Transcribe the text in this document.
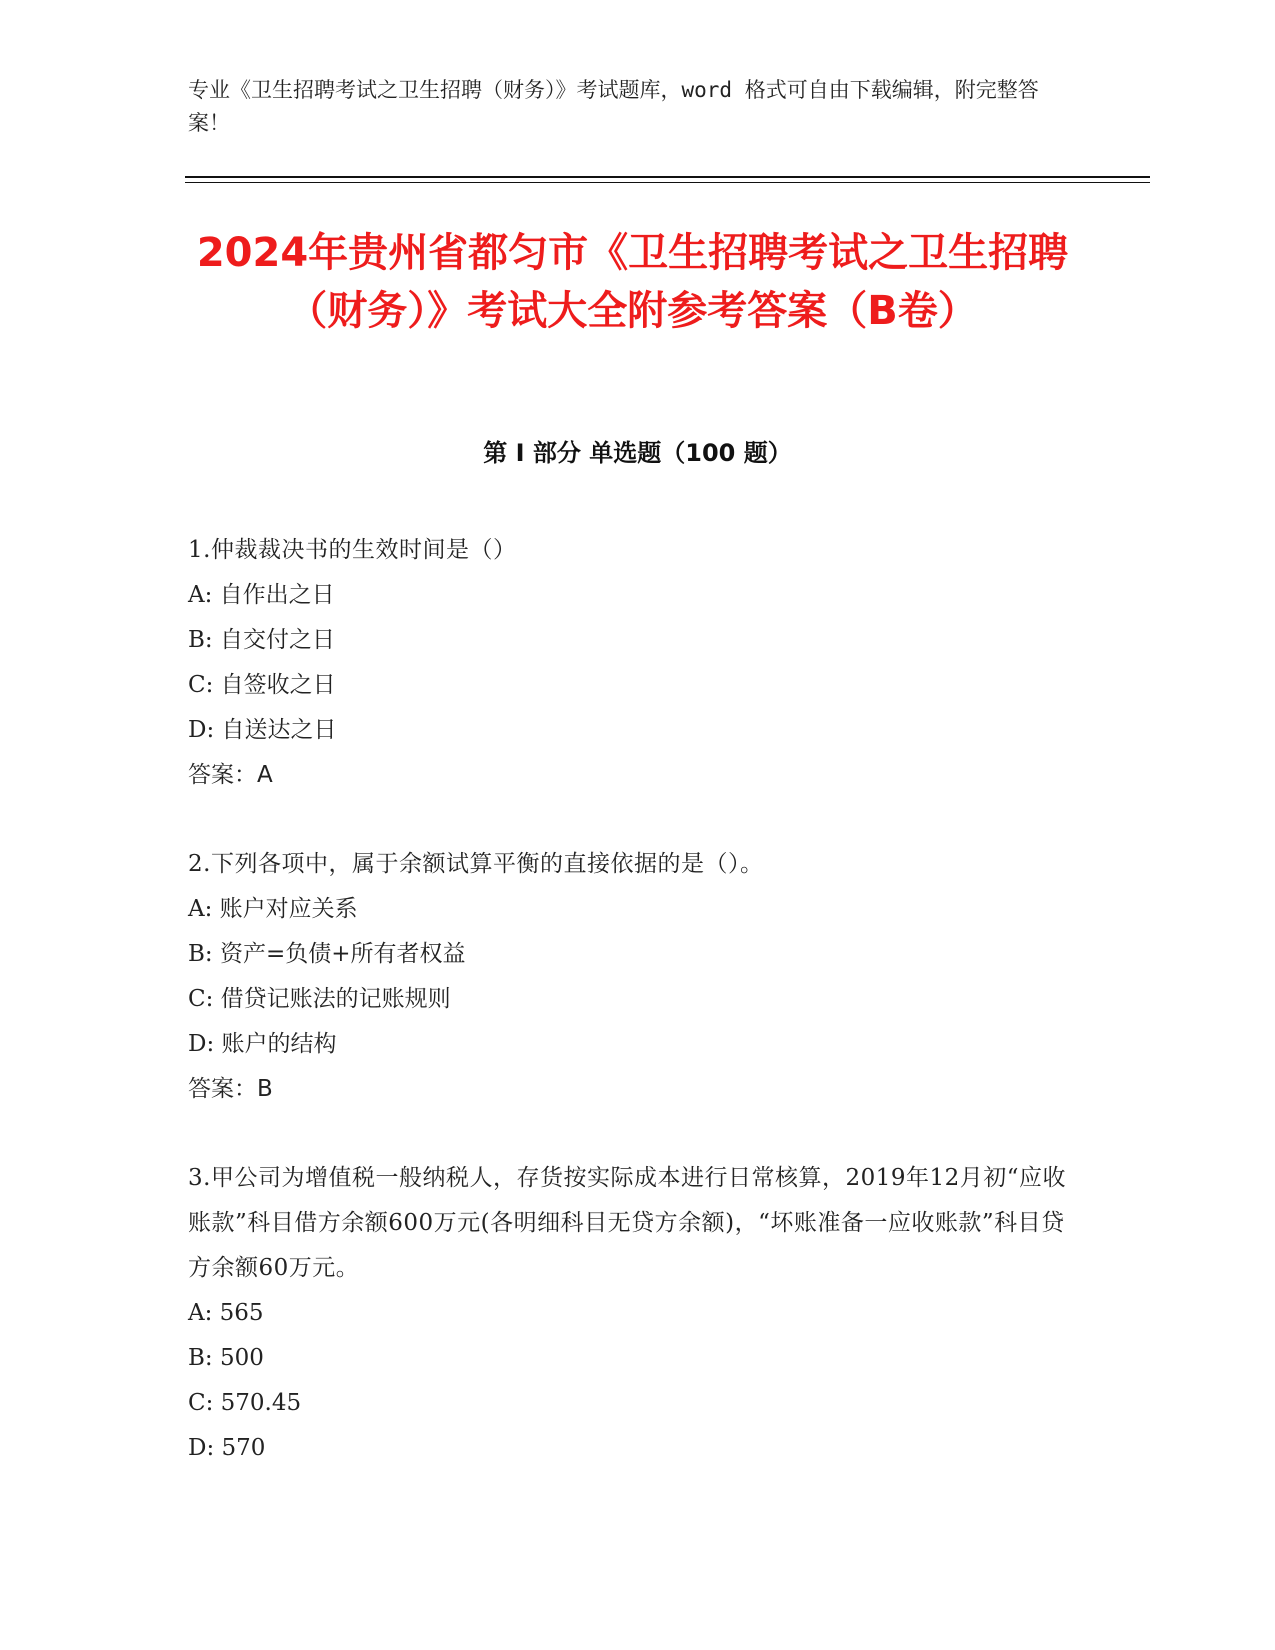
专业《卫生招聘考试之卫生招聘（财务）》考试题库，word 格式可自由下载编辑，附完整答案！
2024年贵州省都匀市《卫生招聘考试之卫生招聘（财务）》考试大全附参考答案（B卷）
第 I 部分 单选题（100 题）

1.仲裁裁决书的生效时间是（）

A: 自作出之日

B: 自交付之日

C: 自签收之日

D: 自送达之日

答案：A

2.下列各项中，属于余额试算平衡的直接依据的是（）。

A: 账户对应关系

B: 资产=负债+所有者权益

C: 借贷记账法的记账规则

D: 账户的结构

答案：B

3.甲公司为增值税一般纳税人，存货按实际成本进行日常核算，2019年12月初“应收账款”科目借方余额600万元(各明细科目无贷方余额)，“坏账准备一应收账款”科目贷方余额60万元。

A: 565

B: 500

C: 570.45

D: 570
